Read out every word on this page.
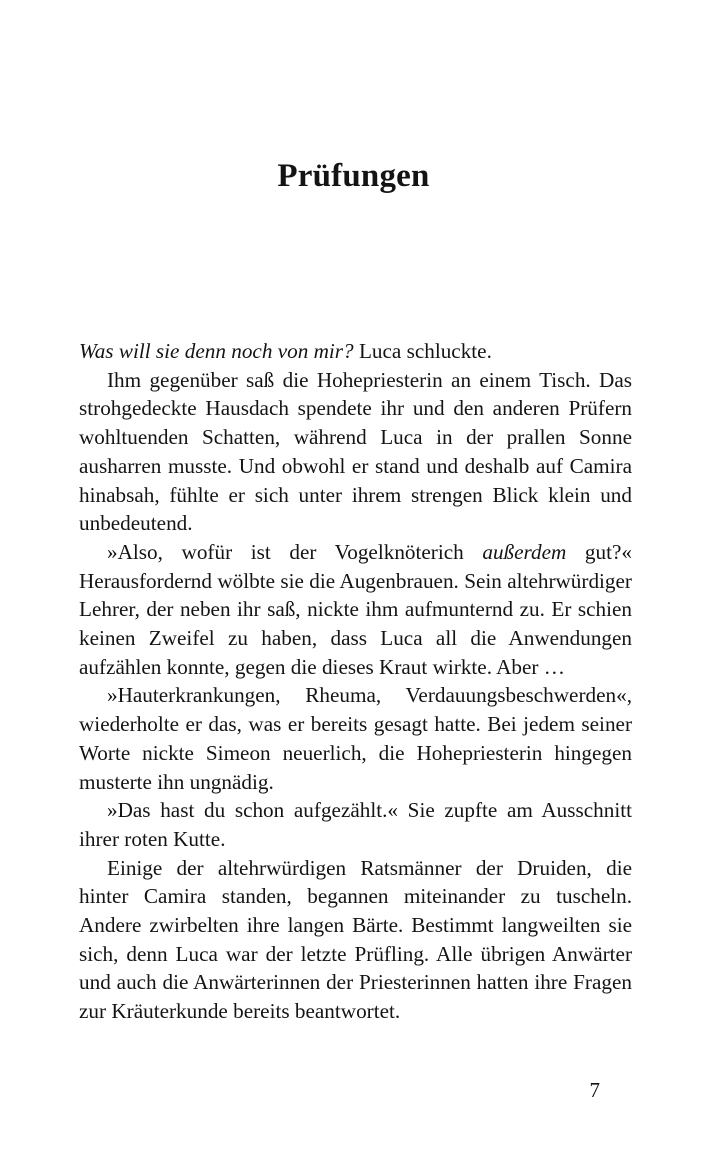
Prüfungen

Was will sie denn noch von mir? Luca schluckte.

Ihm gegenüber saß die Hohepriesterin an einem Tisch. Das strohgedeckte Hausdach spendete ihr und den anderen Prüfern wohltuenden Schatten, während Luca in der prallen Sonne ausharren musste. Und obwohl er stand und deshalb auf Camira hinabsah, fühlte er sich unter ihrem strengen Blick klein und unbedeutend.

»Also, wofür ist der Vogelknöterich außerdem gut?« Herausfordernd wölbte sie die Augenbrauen. Sein altehrwürdiger Lehrer, der neben ihr saß, nickte ihm aufmunternd zu. Er schien keinen Zweifel zu haben, dass Luca all die Anwendungen aufzählen konnte, gegen die dieses Kraut wirkte. Aber …

»Hauterkrankungen, Rheuma, Verdauungsbeschwerden«, wiederholte er das, was er bereits gesagt hatte. Bei jedem seiner Worte nickte Simeon neuerlich, die Hohepriesterin hingegen musterte ihn ungnädig.

»Das hast du schon aufgezählt.« Sie zupfte am Ausschnitt ihrer roten Kutte.

Einige der altehrwürdigen Ratsmänner der Druiden, die hinter Camira standen, begannen miteinander zu tuscheln. Andere zwirbelten ihre langen Bärte. Bestimmt langweilten sie sich, denn Luca war der letzte Prüfling. Alle übrigen Anwärter und auch die Anwärterinnen der Priesterinnen hatten ihre Fragen zur Kräuterkunde bereits beantwortet.

7
